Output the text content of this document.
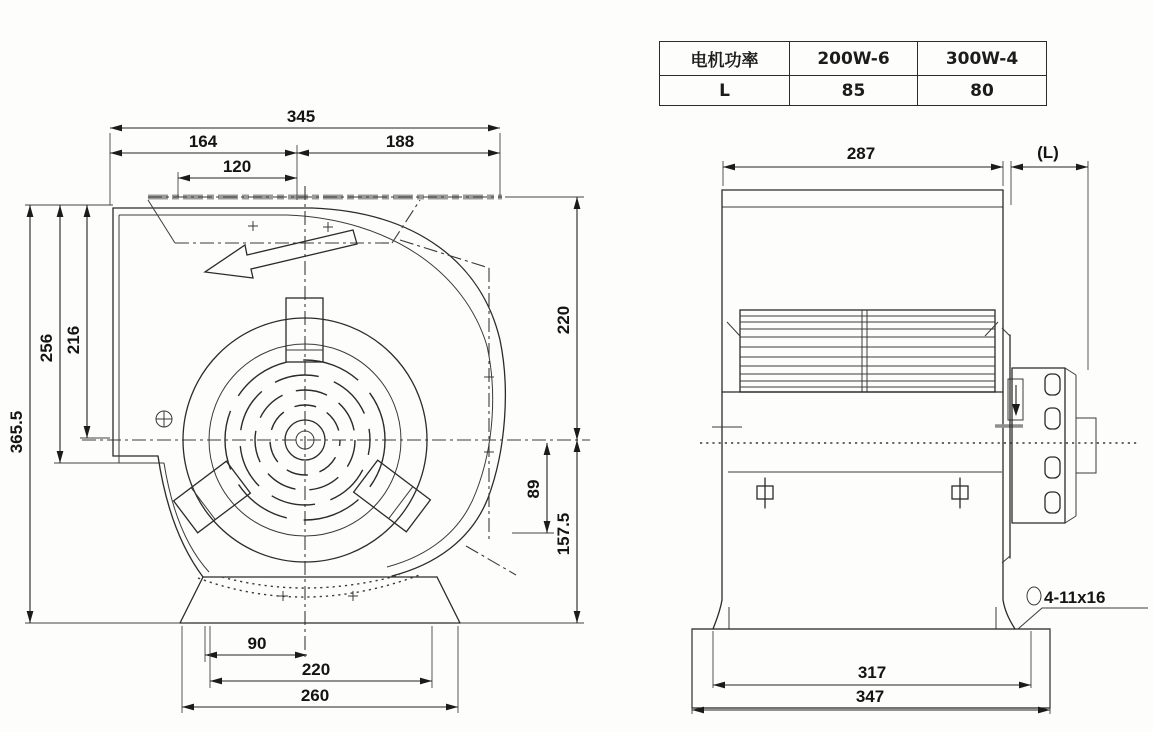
电机功率	200W-6	300W-4
L	85	80
345
164	188
120
365.5
256 216
220
157.5
89
90
220
260
287	(L)
317
347
4-11x16
